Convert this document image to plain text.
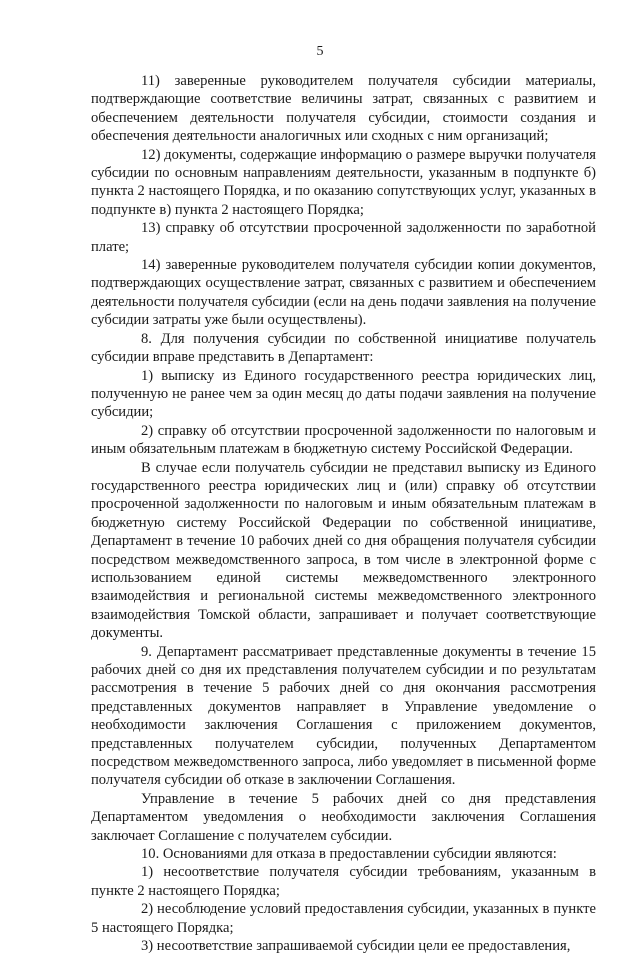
5

11) заверенные руководителем получателя субсидии материалы, подтверждающие соответствие величины затрат, связанных с развитием и обеспечением деятельности получателя субсидии, стоимости создания и обеспечения деятельности аналогичных или сходных с ним организаций;

12) документы, содержащие информацию о размере выручки получателя субсидии по основным направлениям деятельности, указанным в подпункте б) пункта 2 настоящего Порядка, и по оказанию сопутствующих услуг, указанных в подпункте в) пункта 2 настоящего Порядка;

13) справку об отсутствии просроченной задолженности по заработной плате;

14) заверенные руководителем получателя субсидии копии документов, подтверждающих осуществление затрат, связанных с развитием и обеспечением деятельности получателя субсидии (если на день подачи заявления на получение субсидии затраты уже были осуществлены).

8. Для получения субсидии по собственной инициативе получатель субсидии вправе представить в Департамент:

1) выписку из Единого государственного реестра юридических лиц, полученную не ранее чем за один месяц до даты подачи заявления на получение субсидии;

2) справку об отсутствии просроченной задолженности по налоговым и иным обязательным платежам в бюджетную систему Российской Федерации.

В случае если получатель субсидии не представил выписку из Единого государственного реестра юридических лиц и (или) справку об отсутствии просроченной задолженности по налоговым и иным обязательным платежам в бюджетную систему Российской Федерации по собственной инициативе, Департамент в течение 10 рабочих дней со дня обращения получателя субсидии посредством межведомственного запроса, в том числе в электронной форме с использованием единой системы межведомственного электронного взаимодействия и региональной системы межведомственного электронного взаимодействия Томской области, запрашивает и получает соответствующие документы.

9. Департамент рассматривает представленные документы в течение 15 рабочих дней со дня их представления получателем субсидии и по результатам рассмотрения в течение 5 рабочих дней со дня окончания рассмотрения представленных документов направляет в Управление уведомление о необходимости заключения Соглашения с приложением документов, представленных получателем субсидии, полученных Департаментом посредством межведомственного запроса, либо уведомляет в письменной форме получателя субсидии об отказе в заключении Соглашения.

Управление в течение 5 рабочих дней со дня представления Департаментом уведомления о необходимости заключения Соглашения заключает Соглашение с получателем субсидии.

10. Основаниями для отказа в предоставлении субсидии являются:

1) несоответствие получателя субсидии требованиям, указанным в пункте 2 настоящего Порядка;

2) несоблюдение условий предоставления субсидии, указанных в пункте 5 настоящего Порядка;

3) несоответствие запрашиваемой субсидии цели ее предоставления,
